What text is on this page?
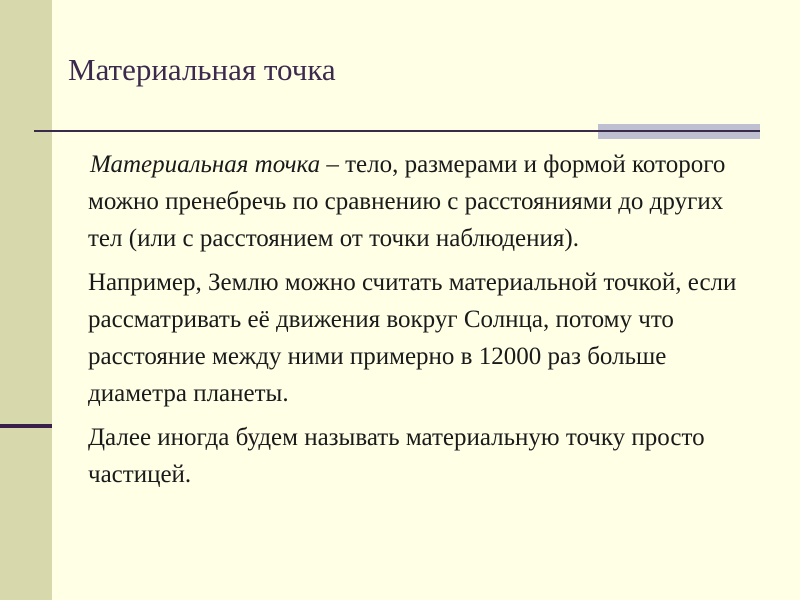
Материальная точка

Материальная точка – тело, размерами и формой которого можно пренебречь по сравнению с расстояниями до других тел (или с расстоянием от точки наблюдения).

Например, Землю можно считать материальной точкой, если рассматривать её движения вокруг Солнца, потому что расстояние между ними примерно в 12000 раз больше диаметра планеты.

Далее иногда будем называть материальную точку просто частицей.
